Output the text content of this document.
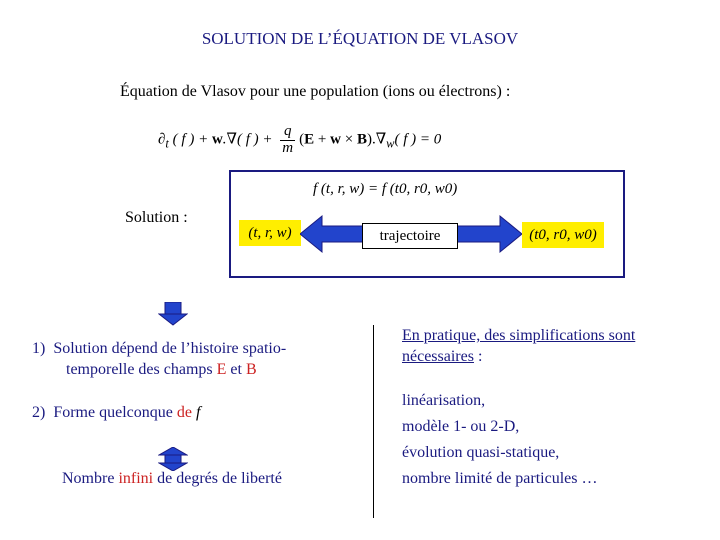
SOLUTION DE L’ÉQUATION DE VLASOV
Équation de Vlasov pour une population (ions ou électrons) :
$\partial_t$ ( f ) + w.∇( f ) + $\frac{q}{m} (E + w \times B).\nabla_w$( f ) = 0
Solution :
f (t, r, w) = f (t0, r0, w0)
(t, r, w)	(t0, r0, w0)
trajectoire
1) Solution dépend de l’histoire spatio-
temporelle des champs E et B
2) Forme quelconque de f
Nombre infini de degrés de liberté
En pratique, des simplifications sont
nécessaires :
linéarisation,
modèle 1- ou 2-D,
évolution quasi-statique,
nombre limité de particules …
